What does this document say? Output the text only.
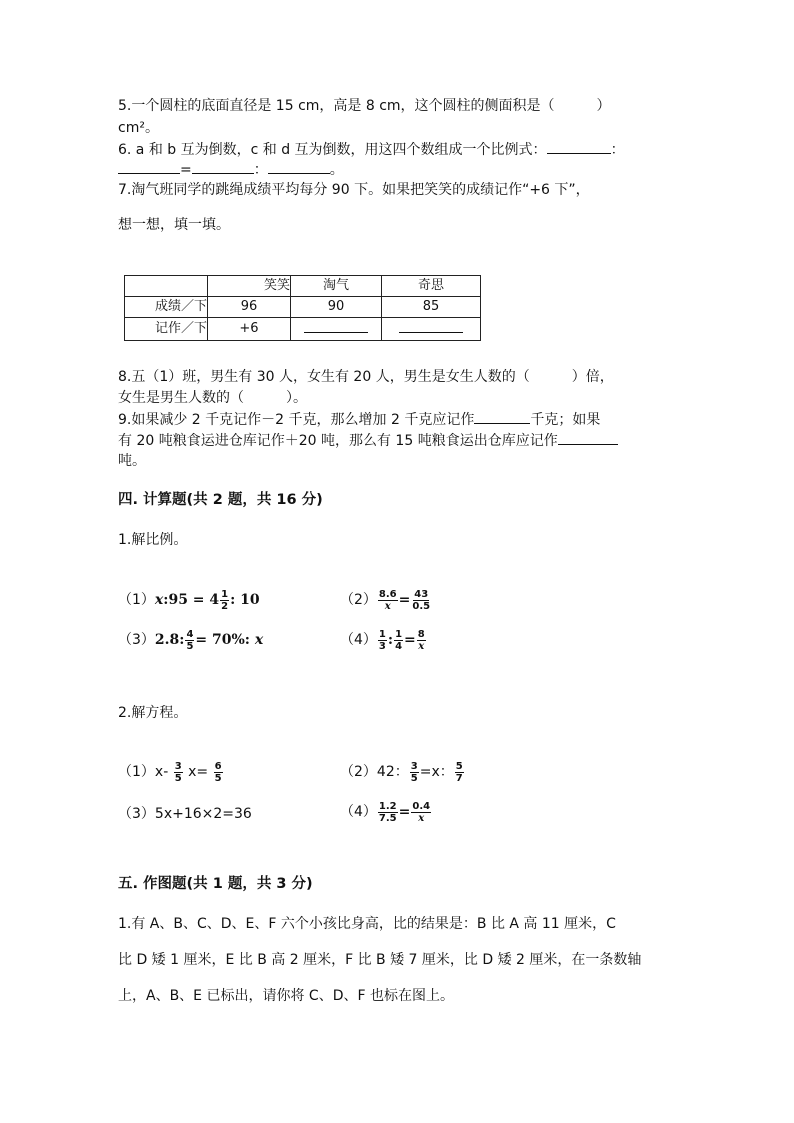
5.一个圆柱的底面直径是 15 cm，高是 8 cm，这个圆柱的侧面积是（　　　）
cm²。
6. a 和 b 互为倒数，c 和 d 互为倒数，用这四个数组成一个比例式：	：
=	：	。
7.淘气班同学的跳绳成绩平均每分 90 下。如果把笑笑的成绩记作“+6 下”，
想一想，填一填。
	笑笑	淘气	奇思
成绩／下	96	90	85
记作／下	+6		
8.五（1）班，男生有 30 人，女生有 20 人，男生是女生人数的（　　　）倍，
女生是男生人数的（　　　）。
9.如果减少 2 千克记作－2 千克，那么增加 2 千克应记作	千克；如果
有 20 吨粮食运进仓库记作＋20 吨，那么有 15 吨粮食运出仓库应记作
吨。
四. 计算题(共 2 题，共 16 分)
1.解比例。
（1）x:95 = $4 \frac{1}{2}$ : 10	$(2) \frac{8.6}{x} = \frac{43}{0.5}$
（3）2.8: $\frac{4}{5} = 70\%$: x	$(4) \frac{1}{3}$ : $\frac{1}{4} = \frac{8}{x}$
2.解方程。
$(1)x- \frac{3}{5} x= \frac{6}{5}$	（2）42： $\frac{3}{5} =x$： $\frac{5}{7}$
（3）5x+16×2=36	$(4) \frac{1.2}{7.5} = \frac{0.4}{x}$
五. 作图题(共 1 题，共 3 分)
1.有 A、B、C、D、E、F 六个小孩比身高，比的结果是：B 比 A 高 11 厘米，C
比 D 矮 1 厘米，E 比 B 高 2 厘米，F 比 B 矮 7 厘米，比 D 矮 2 厘米，在一条数轴
上，A、B、E 已标出，请你将 C、D、F 也标在图上。
